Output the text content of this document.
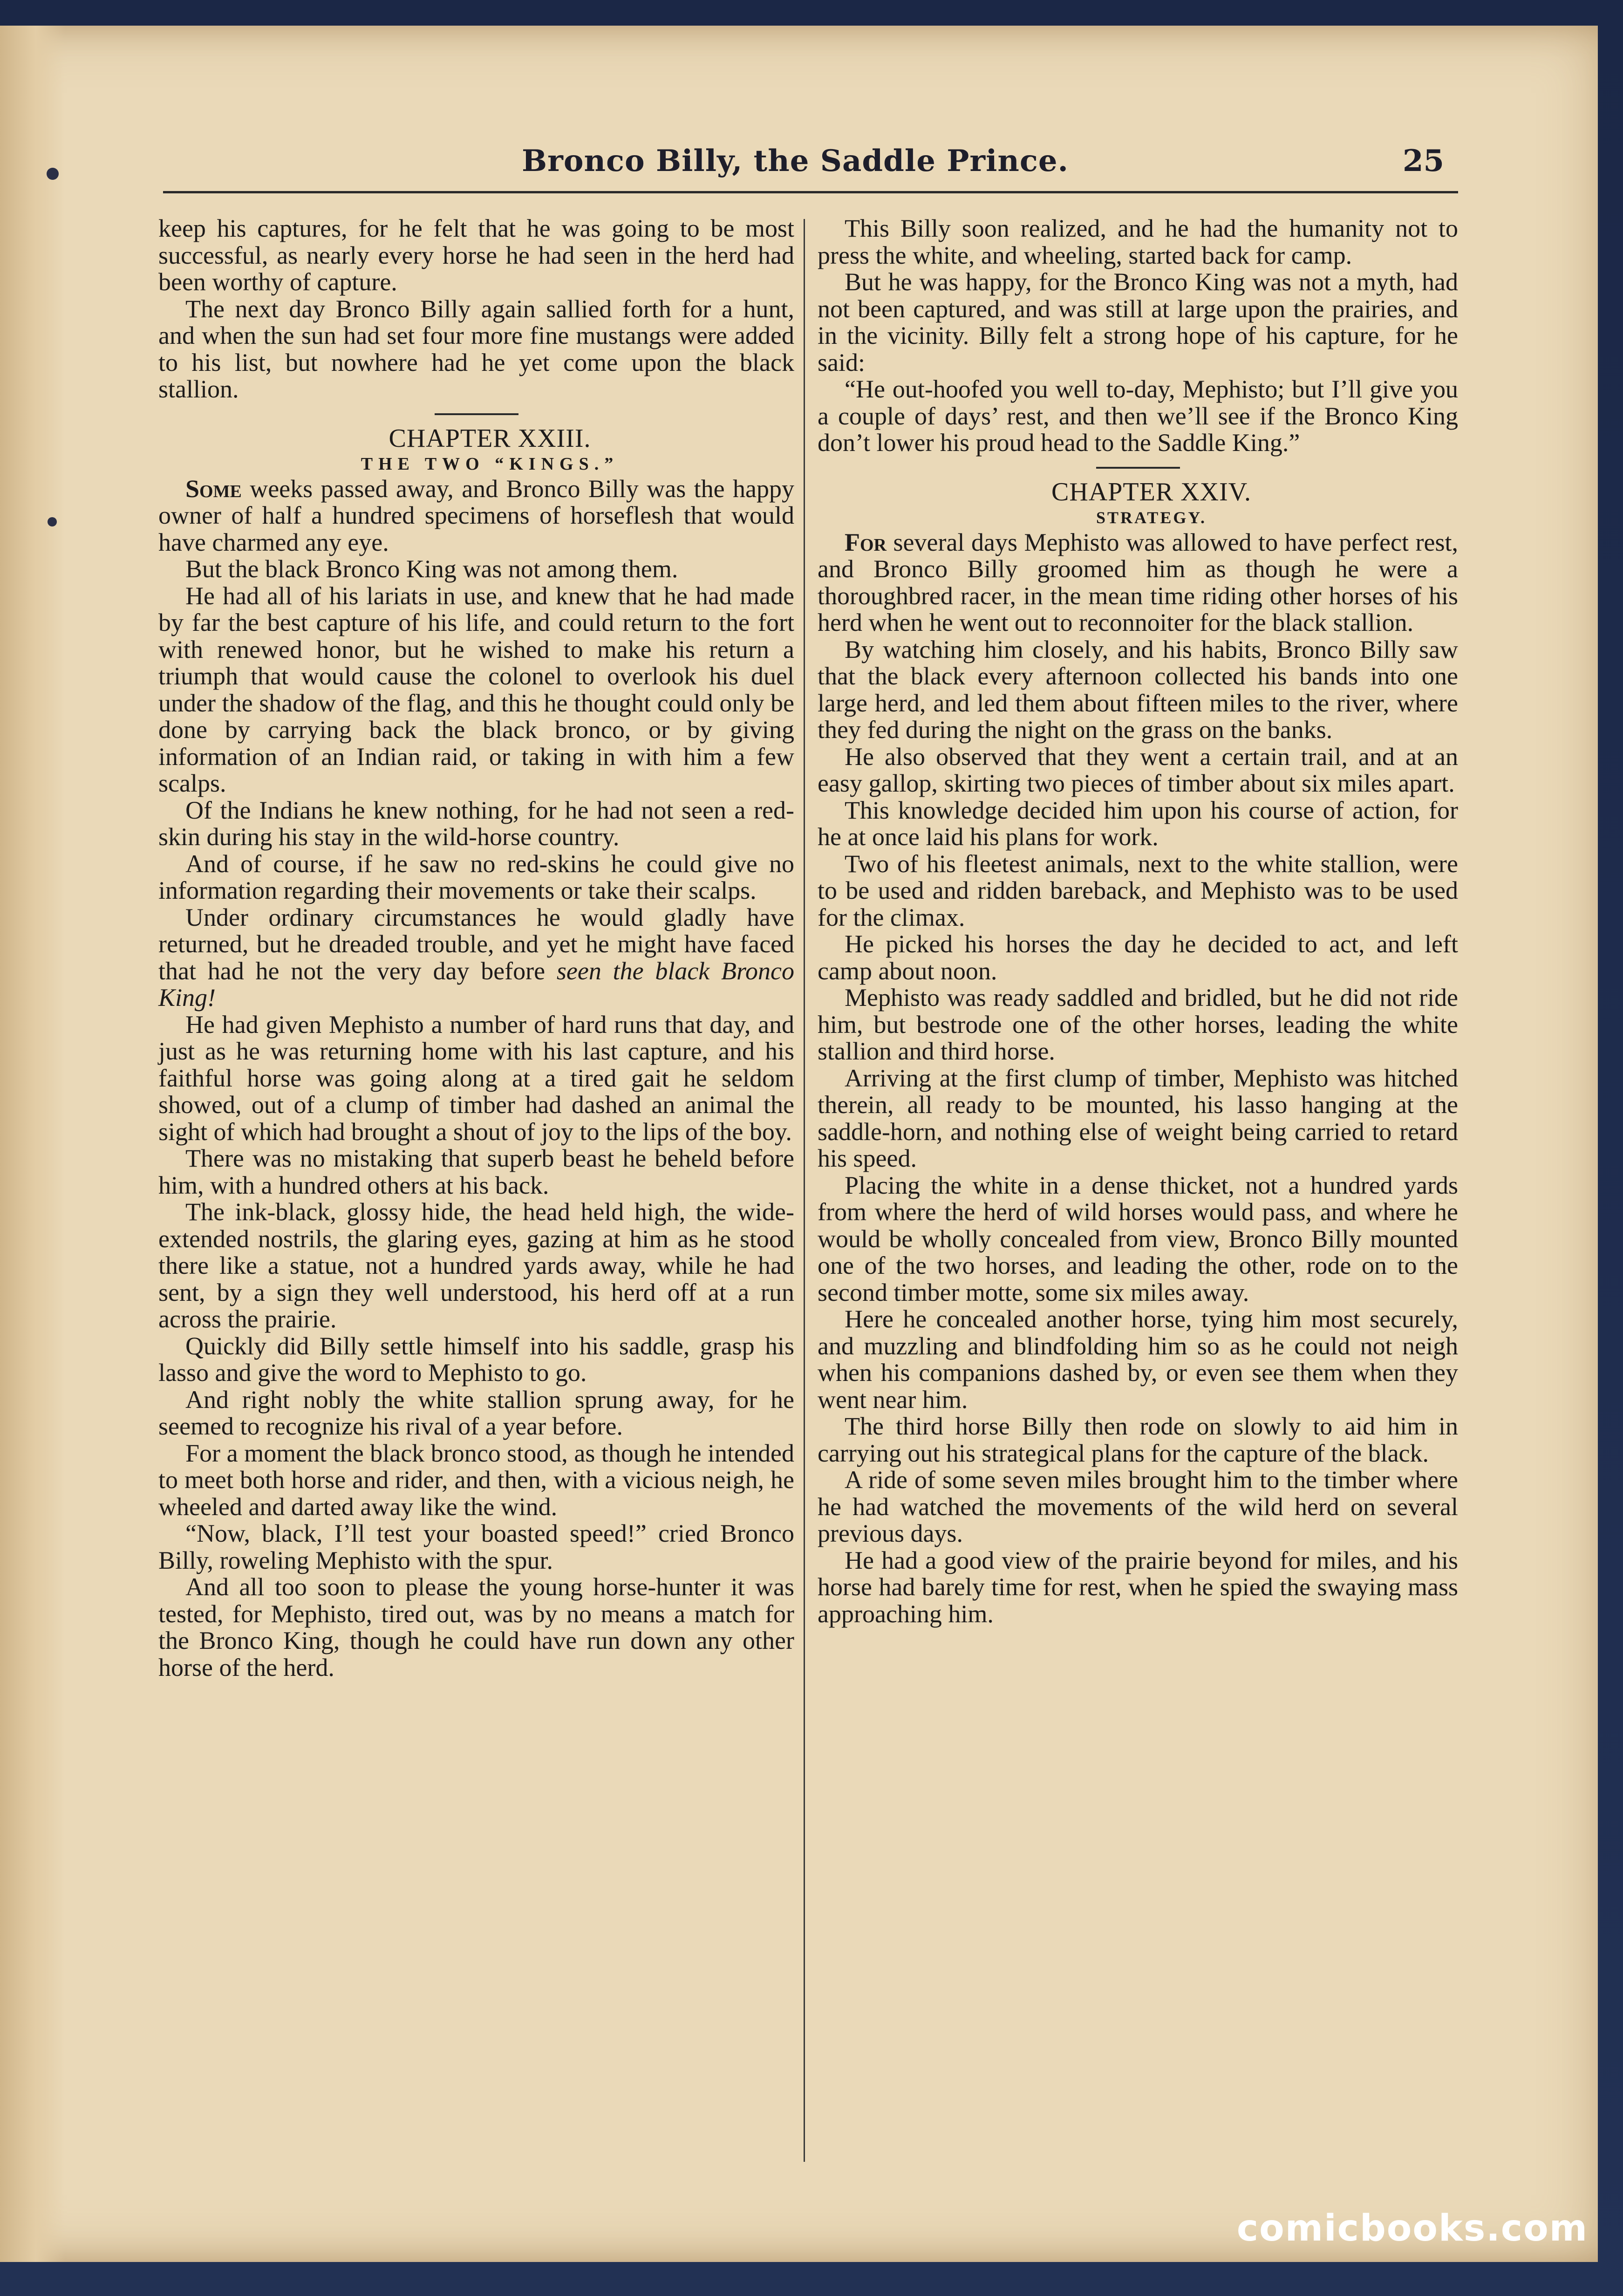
Bronco Billy, the Saddle Prince.	25

keep his captures, for he felt that he was going to be most successful, as nearly every horse he had seen in the herd had been worthy of capture.

The next day Bronco Billy again sallied forth for a hunt, and when the sun had set four more fine mustangs were added to his list, but nowhere had he yet come upon the black stallion.

CHAPTER XXIII.

THE TWO “KINGS.”

Some weeks passed away, and Bronco Billy was the happy owner of half a hundred specimens of horseflesh that would have charmed any eye.

But the black Bronco King was not among them.

He had all of his lariats in use, and knew that he had made by far the best capture of his life, and could return to the fort with renewed honor, but he wished to make his return a triumph that would cause the colonel to overlook his duel under the shadow of the flag, and this he thought could only be done by carrying back the black bronco, or by giving information of an Indian raid, or taking in with him a few scalps.

Of the Indians he knew nothing, for he had not seen a red-skin during his stay in the wild-horse country.

And of course, if he saw no red-skins he could give no information regarding their movements or take their scalps.

Under ordinary circumstances he would gladly have returned, but he dreaded trouble, and yet he might have faced that had he not the very day before seen the black Bronco King!

He had given Mephisto a number of hard runs that day, and just as he was returning home with his last capture, and his faithful horse was going along at a tired gait he seldom showed, out of a clump of timber had dashed an animal the sight of which had brought a shout of joy to the lips of the boy.

There was no mistaking that superb beast he beheld before him, with a hundred others at his back.

The ink-black, glossy hide, the head held high, the wide-extended nostrils, the glaring eyes, gazing at him as he stood there like a statue, not a hundred yards away, while he had sent, by a sign they well understood, his herd off at a run across the prairie.

Quickly did Billy settle himself into his saddle, grasp his lasso and give the word to Mephisto to go.

And right nobly the white stallion sprung away, for he seemed to recognize his rival of a year before.

For a moment the black bronco stood, as though he intended to meet both horse and rider, and then, with a vicious neigh, he wheeled and darted away like the wind.

“Now, black, I’ll test your boasted speed!” cried Bronco Billy, roweling Mephisto with the spur.

And all too soon to please the young horse-hunter it was tested, for Mephisto, tired out, was by no means a match for the Bronco King, though he could have run down any other horse of the herd.

This Billy soon realized, and he had the humanity not to press the white, and wheeling, started back for camp.

But he was happy, for the Bronco King was not a myth, had not been captured, and was still at large upon the prairies, and in the vicinity. Billy felt a strong hope of his capture, for he said:

“He out-hoofed you well to-day, Mephisto; but I’ll give you a couple of days’ rest, and then we’ll see if the Bronco King don’t lower his proud head to the Saddle King.”

CHAPTER XXIV.

STRATEGY.

For several days Mephisto was allowed to have perfect rest, and Bronco Billy groomed him as though he were a thoroughbred racer, in the mean time riding other horses of his herd when he went out to reconnoiter for the black stallion.

By watching him closely, and his habits, Bronco Billy saw that the black every afternoon collected his bands into one large herd, and led them about fifteen miles to the river, where they fed during the night on the grass on the banks.

He also observed that they went a certain trail, and at an easy gallop, skirting two pieces of timber about six miles apart.

This knowledge decided him upon his course of action, for he at once laid his plans for work.

Two of his fleetest animals, next to the white stallion, were to be used and ridden bareback, and Mephisto was to be used for the climax.

He picked his horses the day he decided to act, and left camp about noon.

Mephisto was ready saddled and bridled, but he did not ride him, but bestrode one of the other horses, leading the white stallion and third horse.

Arriving at the first clump of timber, Mephisto was hitched therein, all ready to be mounted, his lasso hanging at the saddle-horn, and nothing else of weight being carried to retard his speed.

Placing the white in a dense thicket, not a hundred yards from where the herd of wild horses would pass, and where he would be wholly concealed from view, Bronco Billy mounted one of the two horses, and leading the other, rode on to the second timber motte, some six miles away.

Here he concealed another horse, tying him most securely, and muzzling and blindfolding him so as he could not neigh when his companions dashed by, or even see them when they went near him.

The third horse Billy then rode on slowly to aid him in carrying out his strategical plans for the capture of the black.

A ride of some seven miles brought him to the timber where he had watched the movements of the wild herd on several previous days.

He had a good view of the prairie beyond for miles, and his horse had barely time for rest, when he spied the swaying mass approaching him.

comicbooks.com
